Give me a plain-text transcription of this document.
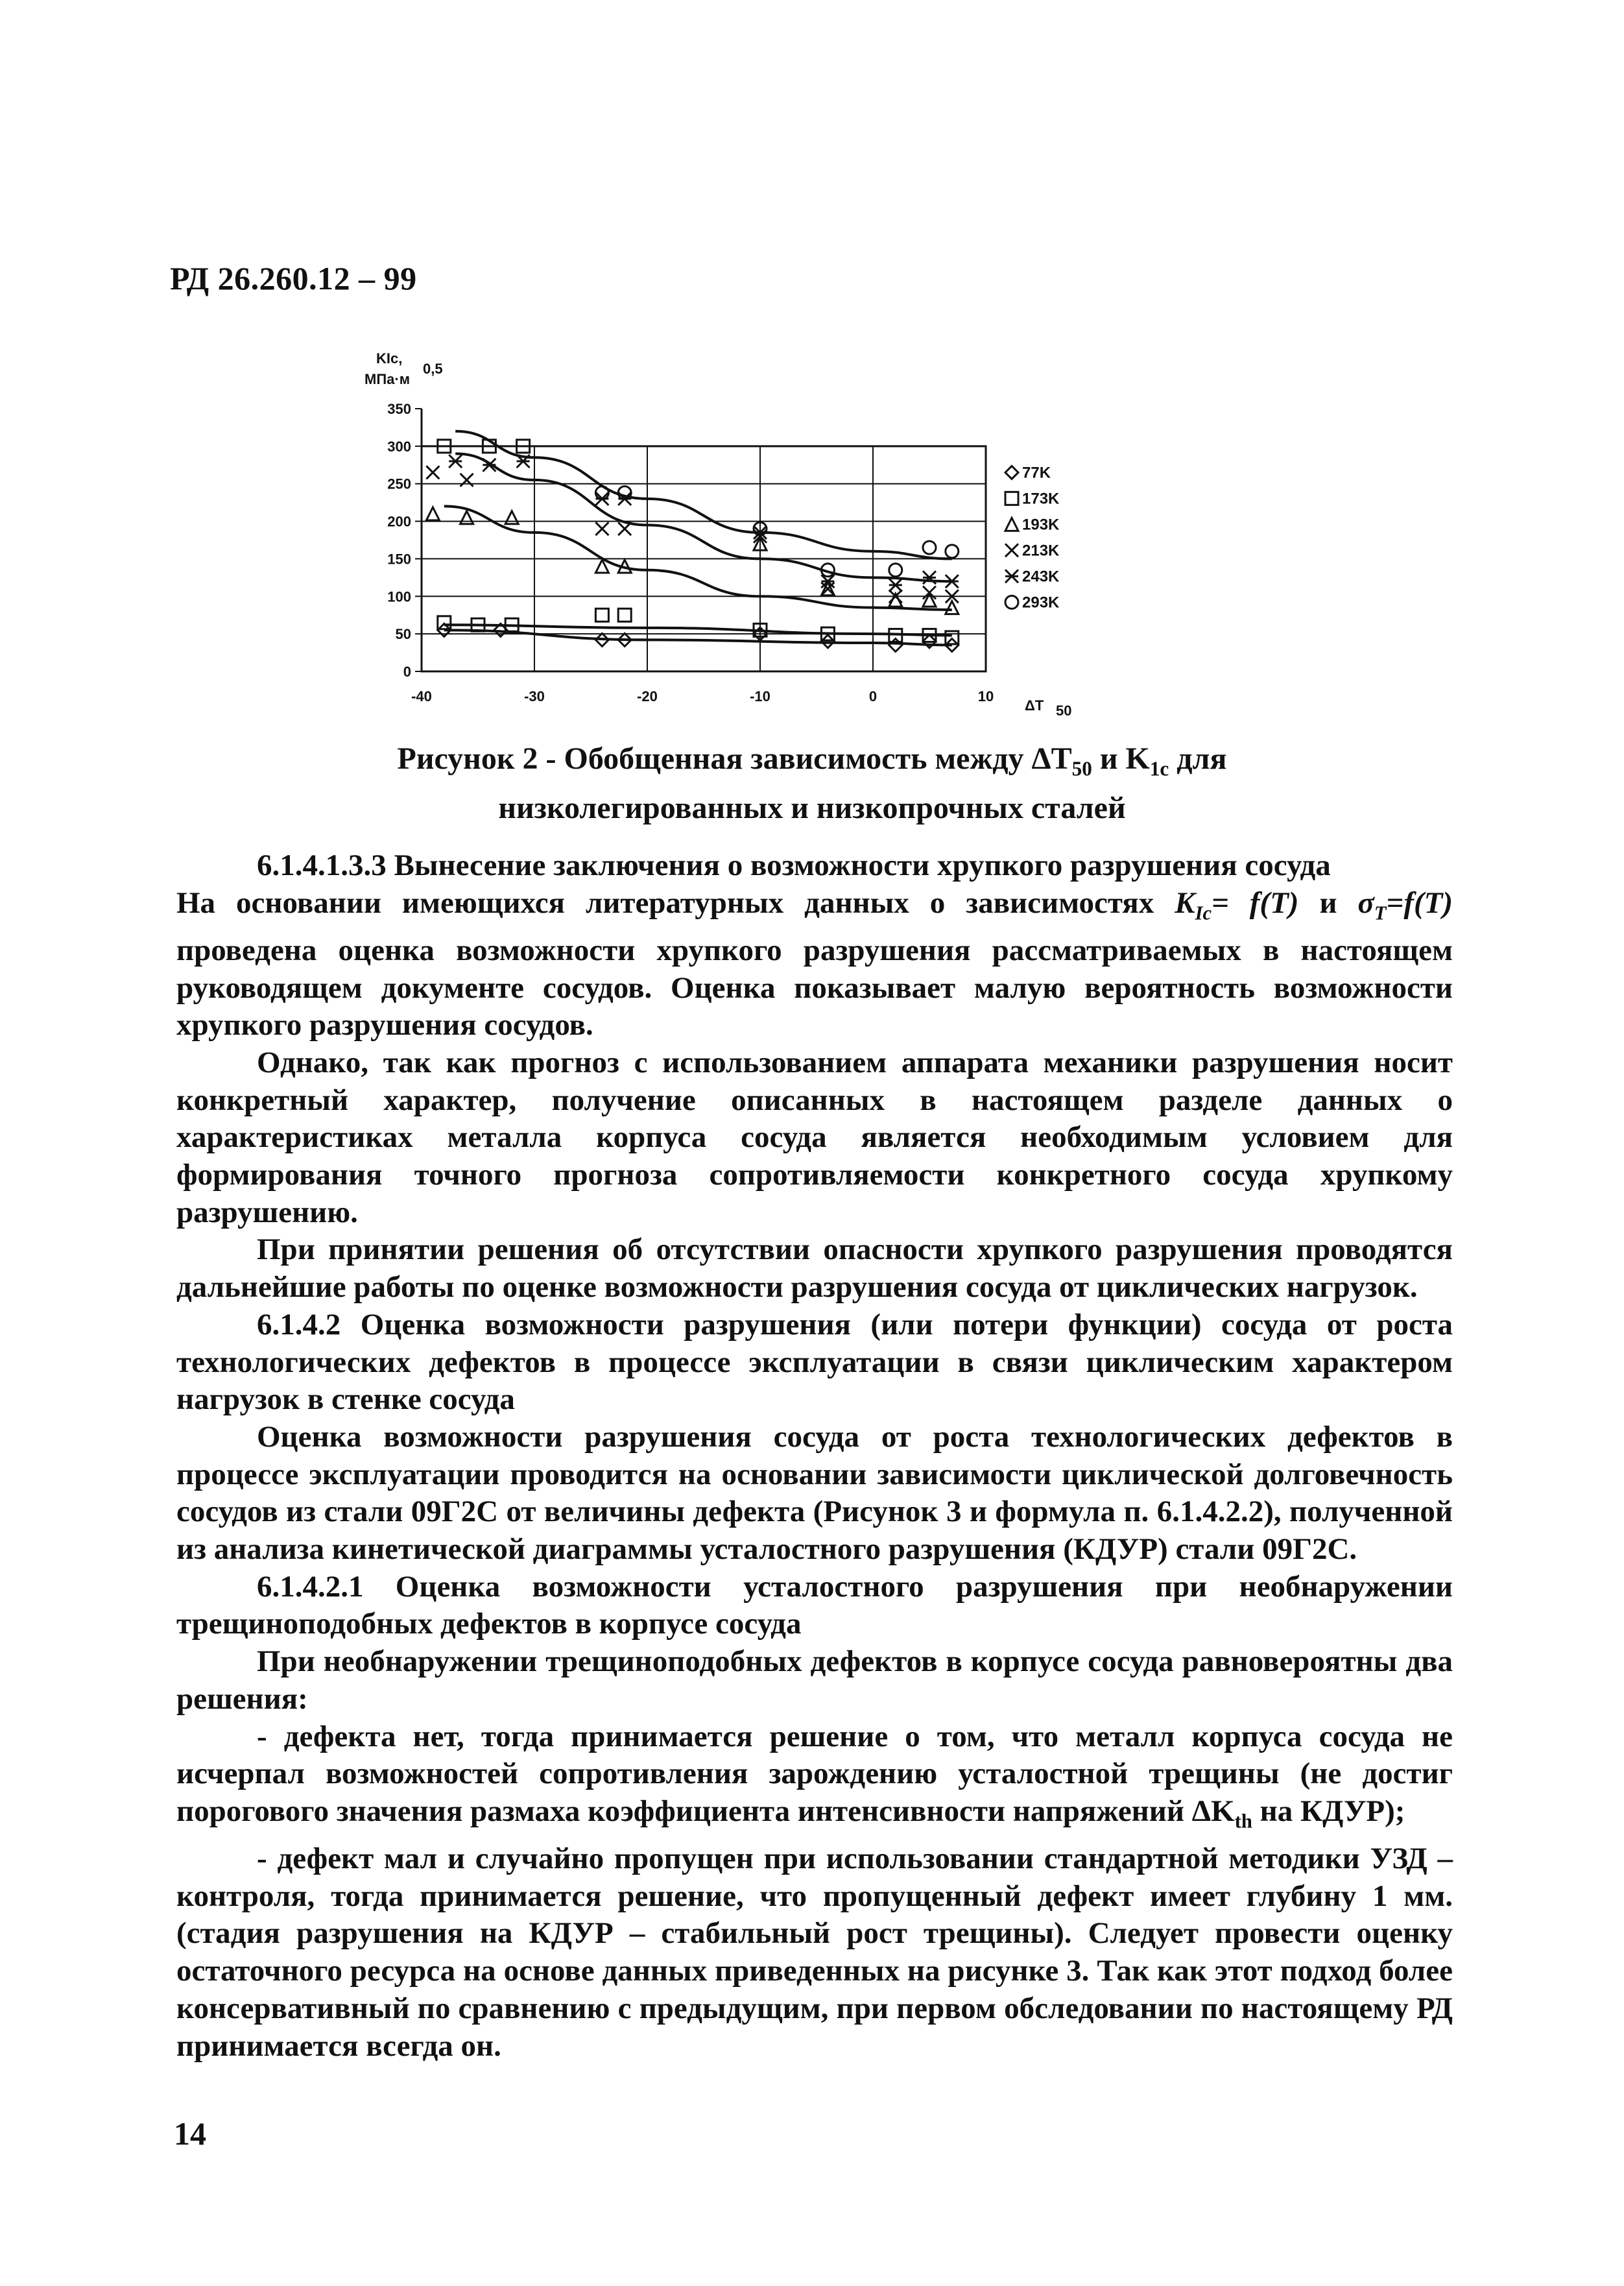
РД 26.260.12 – 99
-40	-30	-20	-10	0	10
0
50
100
150
200
250
300
350
KIc,
МПа·м
0,5
ΔT 50
77K
173K
193K
213K
243K
293K

Рисунок 2 - Обобщенная зависимость между $\Delta T_{50}$ и $K_{1c}$ для

низколегированных и низкопрочных сталей

6.1.4.1.3.3 Вынесение заключения о возможности хрупкого разрушения сосуда

На основании имеющихся литературных данных о зависимостях $K_{Ic}= f(T)$ и $\sigma_T=f(T)$ проведена оценка возможности хрупкого разрушения рассматриваемых в настоящем руководящем документе сосудов. Оценка показывает малую вероятность возможности хрупкого разрушения сосудов.

Однако, так как прогноз с использованием аппарата механики разрушения носит конкретный характер, получение описанных в настоящем разделе данных о характеристиках металла корпуса сосуда является необходимым условием для формирования точного прогноза сопротивляемости конкретного сосуда хрупкому разрушению.

При принятии решения об отсутствии опасности хрупкого разрушения проводятся дальнейшие работы по оценке возможности разрушения сосуда от циклических нагрузок.

6.1.4.2 Оценка возможности разрушения (или потери функции) сосуда от роста технологических дефектов в процессе эксплуатации в связи циклическим характером нагрузок в стенке сосуда

Оценка возможности разрушения сосуда от роста технологических дефектов в процессе эксплуатации проводится на основании зависимости циклической долговечность сосудов из стали 09Г2С от величины дефекта (Рисунок 3 и формула п. 6.1.4.2.2), полученной из анализа кинетической диаграммы усталостного разрушения (КДУР) стали 09Г2С.

6.1.4.2.1 Оценка возможности усталостного разрушения при необнаружении трещиноподобных дефектов в корпусе сосуда

При необнаружении трещиноподобных дефектов в корпусе сосуда равновероятны два решения:

- дефекта нет, тогда принимается решение о том, что металл корпуса сосуда не исчерпал возможностей сопротивления зарождению усталостной трещины (не достиг порогового значения размаха коэффициента интенсивности напряжений $\Delta K_{th}$ на КДУР);

- дефект мал и случайно пропущен при использовании стандартной методики УЗД – контроля, тогда принимается решение, что пропущенный дефект имеет глубину 1 мм.(стадия разрушения на КДУР – стабильный рост трещины). Следует провести оценку остаточного ресурса на основе данных приведенных на рисунке 3. Так как этот подход более консервативный по сравнению с предыдущим, при первом обследовании по настоящему РД принимается всегда он.

14
